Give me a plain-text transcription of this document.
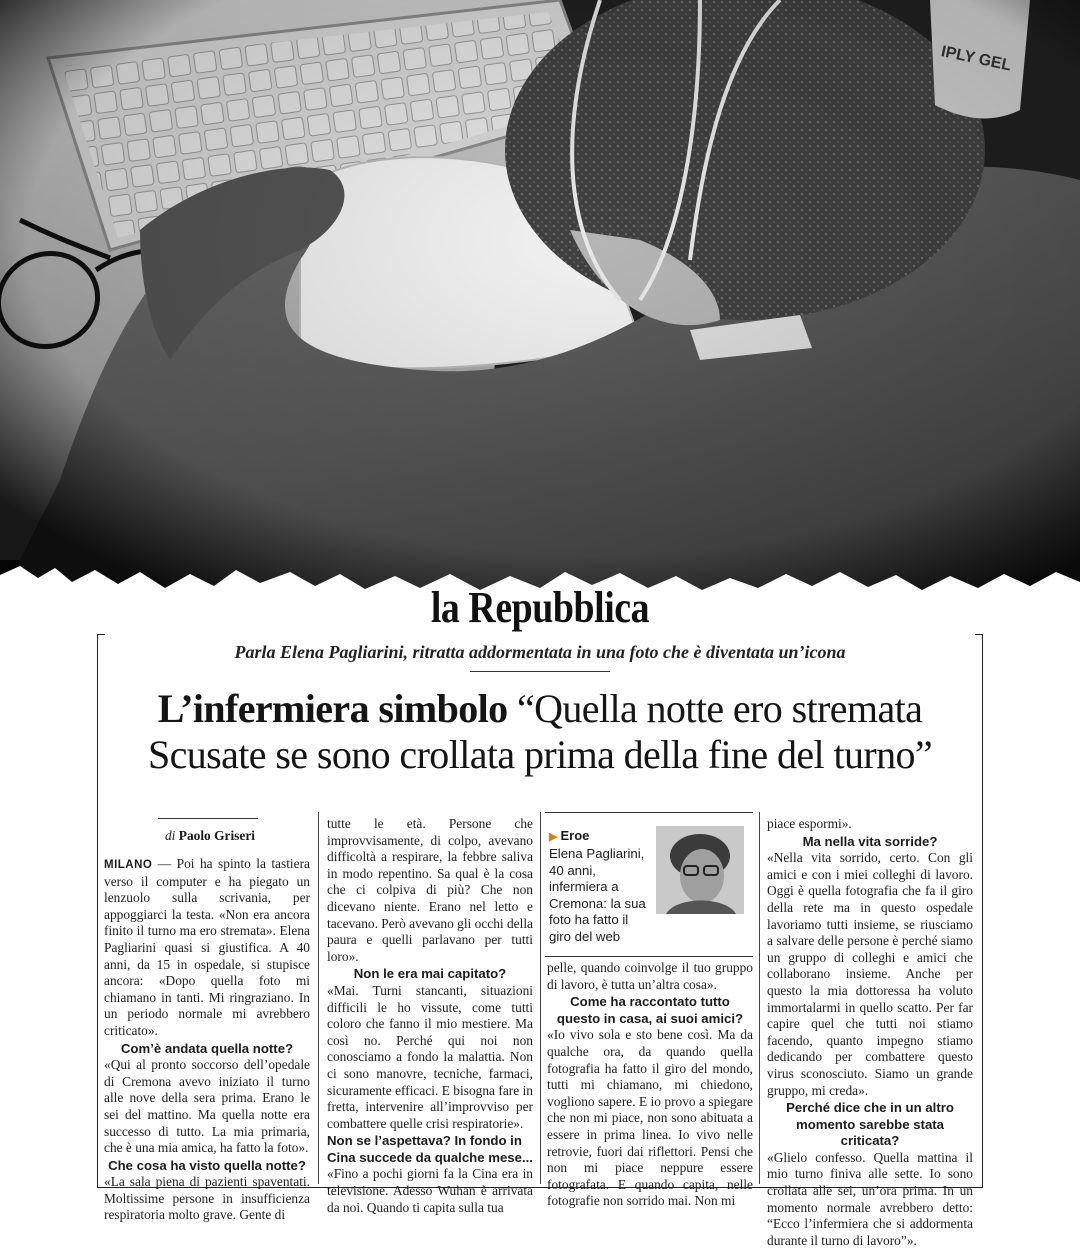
la Repubblica
Parla Elena Pagliarini, ritratta addormentata in una foto che è diventata un’icona
L’infermiera simbolo “Quella notte ero stremata
Scusate se sono crollata prima della fine del turno”
di Paolo Griseri

MILANO — Poi ha spinto la tastiera verso il computer e ha piegato un lenzuolo sulla scrivania, per appoggiarci la testa. «Non era ancora finito il turno ma ero stremata». Elena Pagliarini quasi si giustifica. A 40 anni, da 15 in ospedale, si stupisce ancora: «Dopo quella foto mi chiamano in tanti. Mi ringraziano. In un periodo normale mi avrebbero criticato».

Com’è andata quella notte?

«Qui al pronto soccorso dell’opedale di Cremona avevo iniziato il turno alle nove della sera prima. Erano le sei del mattino. Ma quella notte era successo di tutto. La mia primaria, che è una mia amica, ha fatto la foto».

Che cosa ha visto quella notte?

«La sala piena di pazienti spaventati. Moltissime persone in insufficienza respiratoria molto grave. Gente di

tutte le età. Persone che improvvisamente, di colpo, avevano difficoltà a respirare, la febbre saliva in modo repentino. Sa qual è la cosa che ci colpiva di più? Che non dicevano niente. Erano nel letto e tacevano. Però avevano gli occhi della paura e quelli parlavano per tutti loro».

Non le era mai capitato?

«Mai. Turni stancanti, situazioni difficili le ho vissute, come tutti coloro che fanno il mio mestiere. Ma così no. Perché qui noi non conosciamo a fondo la malattia. Non ci sono manovre, tecniche, farmaci, sicuramente efficaci. E bisogna fare in fretta, intervenire all’improvviso per combattere quelle crisi respiratorie».

Non se l’aspettava? In fondo in Cina succede da qualche mese...

«Fino a pochi giorni fa la Cina era in televisione. Adesso Wuhan è arrivata da noi. Quando ti capita sulla tua

▶ Eroe
Elena Pagliarini, 40 anni, infermiera a Cremona: la sua foto ha fatto il giro del web

pelle, quando coinvolge il tuo gruppo di lavoro, è tutta un’altra cosa».

Come ha raccontato tutto questo in casa, ai suoi amici?

«Io vivo sola e sto bene così. Ma da qualche ora, da quando quella fotografia ha fatto il giro del mondo, tutti mi chiamano, mi chiedono, vogliono sapere. E io provo a spiegare che non mi piace, non sono abituata a essere in prima linea. Io vivo nelle retrovie, fuori dai riflettori. Pensi che non mi piace neppure essere fotografata. E quando capita, nelle fotografie non sorrido mai. Non mi

piace espormi».

Ma nella vita sorride?

«Nella vita sorrido, certo. Con gli amici e con i miei colleghi di lavoro. Oggi è quella fotografia che fa il giro della rete ma in questo ospedale lavoriamo tutti insieme, se riusciamo a salvare delle persone è perché siamo un gruppo di colleghi e amici che collaborano insieme. Anche per questo la mia dottoressa ha voluto immortalarmi in quello scatto. Per far capire quel che tutti noi stiamo facendo, quanto impegno stiamo dedicando per combattere questo virus sconosciuto. Siamo un grande gruppo, mi creda».

Perché dice che in un altro momento sarebbe stata criticata?

«Glielo confesso. Quella mattina il mio turno finiva alle sette. Io sono crollata alle sei, un’ora prima. In un momento normale avrebbero detto: “Ecco l’infermiera che si addormenta durante il turno di lavoro”».
